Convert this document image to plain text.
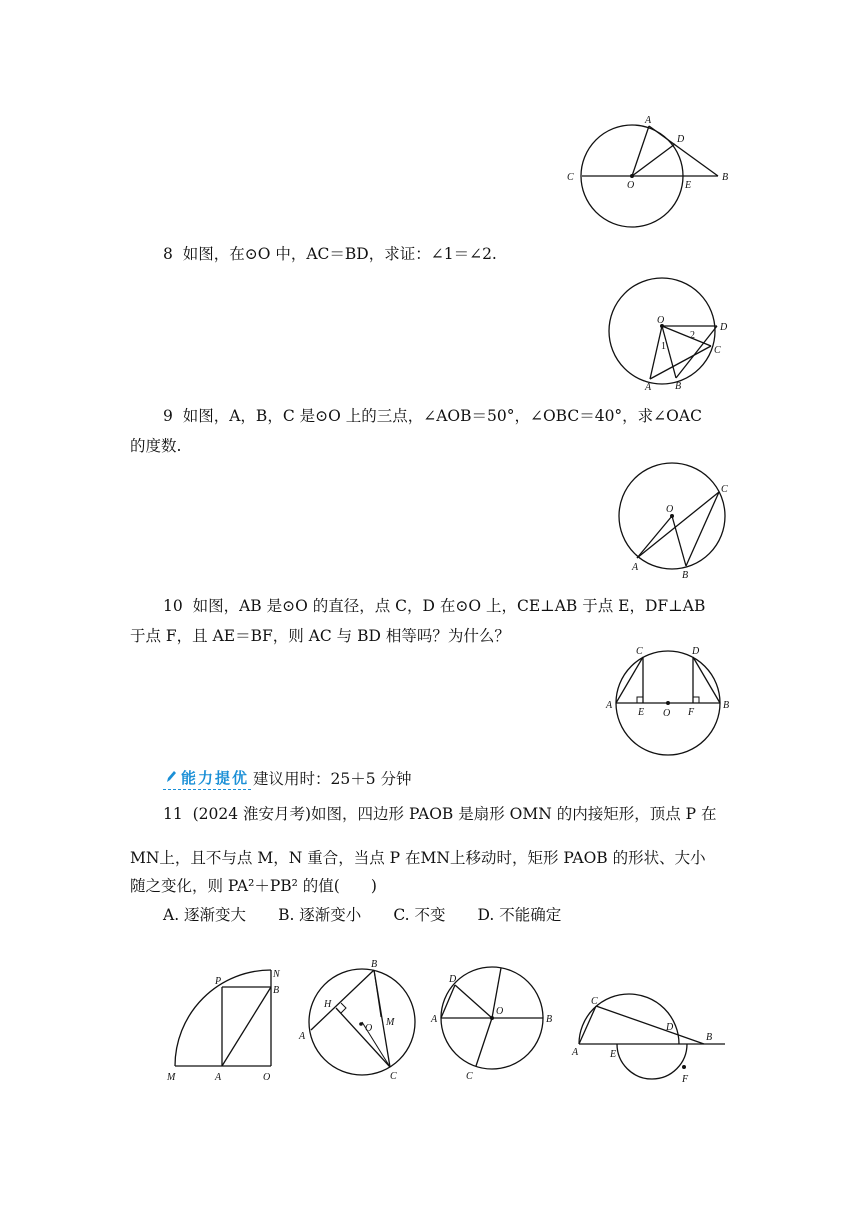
A
D
C
O	E
B
8 如图，在⊙O 中，AC＝BD，求证：∠1＝∠2.
O
1
2
D
C
A B
9 如图，A，B，C 是⊙O 上的三点，∠AOB＝50°，∠OBC＝40°，求∠OAC
的度数.
O
C
A
B
10 如图，AB 是⊙O 的直径，点 C，D 在⊙O 上，CE⊥AB 于点 E，DF⊥AB
于点 F，且 AE＝BF，则 AC 与 BD 相等吗？为什么？
C	D
A
E O F
B
能力提优 建议用时：25＋5 分钟
11 (2024 淮安月考)如图，四边形 PAOB 是扇形 OMN 的内接矩形，顶点 P 在
MN上，且不与点 M，N 重合，当点 P 在MN上移动时，矩形 PAOB 的形状、大小
随之变化，则 PA²＋PB² 的值(　　)
A. 逐渐变大 B. 逐渐变小 C. 不变 D. 不能确定
P
N
B
M	A	O
B
H
O
M
A
C
D
O
A	B
C
C
D
B
A	E
F
